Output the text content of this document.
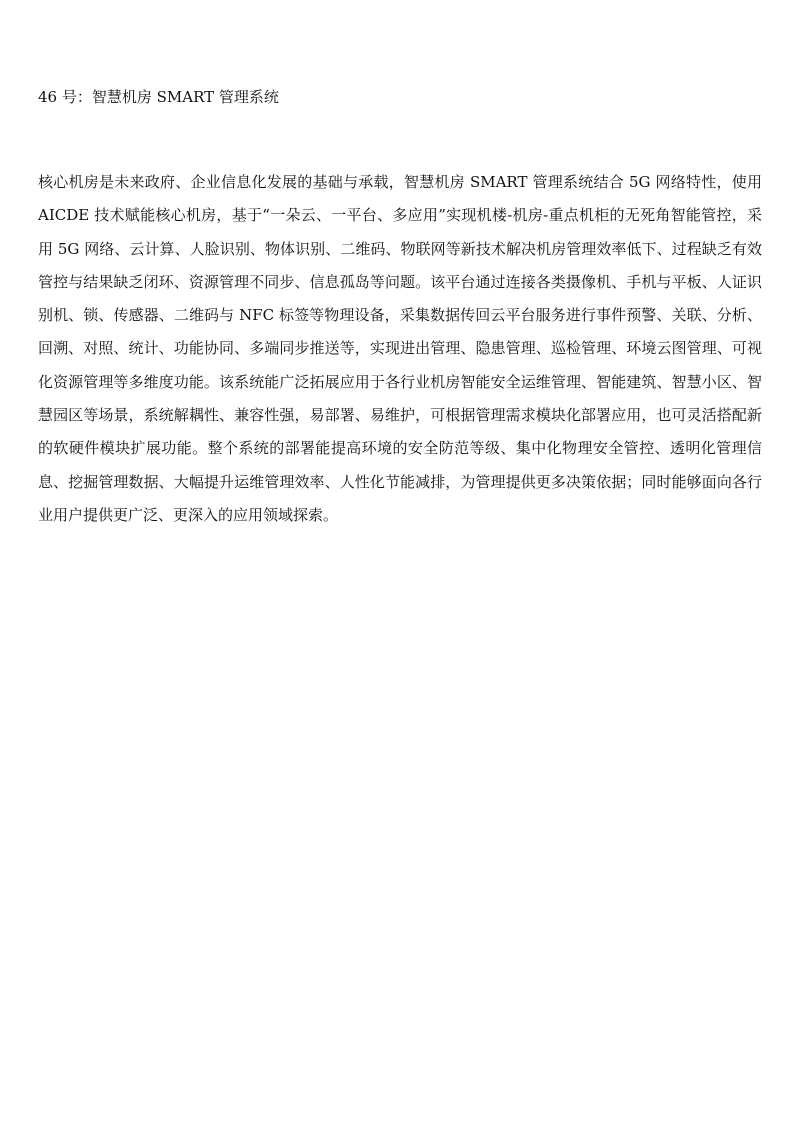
46 号：智慧机房 SMART 管理系统

核心机房是未来政府、企业信息化发展的基础与承载，智慧机房 SMART 管理系统结合 5G 网络特性，使用 AICDE 技术赋能核心机房，基于“一朵云、一平台、多应用”实现机楼-机房-重点机柜的无死角智能管控，采用 5G 网络、云计算、人脸识别、物体识别、二维码、物联网等新技术解决机房管理效率低下、过程缺乏有效管控与结果缺乏闭环、资源管理不同步、信息孤岛等问题。该平台通过连接各类摄像机、手机与平板、人证识别机、锁、传感器、二维码与 NFC 标签等物理设备，采集数据传回云平台服务进行事件预警、关联、分析、回溯、对照、统计、功能协同、多端同步推送等，实现进出管理、隐患管理、巡检管理、环境云图管理、可视化资源管理等多维度功能。该系统能广泛拓展应用于各行业机房智能安全运维管理、智能建筑、智慧小区、智慧园区等场景，系统解耦性、兼容性强，易部署、易维护，可根据管理需求模块化部署应用，也可灵活搭配新的软硬件模块扩展功能。整个系统的部署能提高环境的安全防范等级、集中化物理安全管控、透明化管理信息、挖掘管理数据、大幅提升运维管理效率、人性化节能减排，为管理提供更多决策依据；同时能够面向各行业用户提供更广泛、更深入的应用领域探索。
